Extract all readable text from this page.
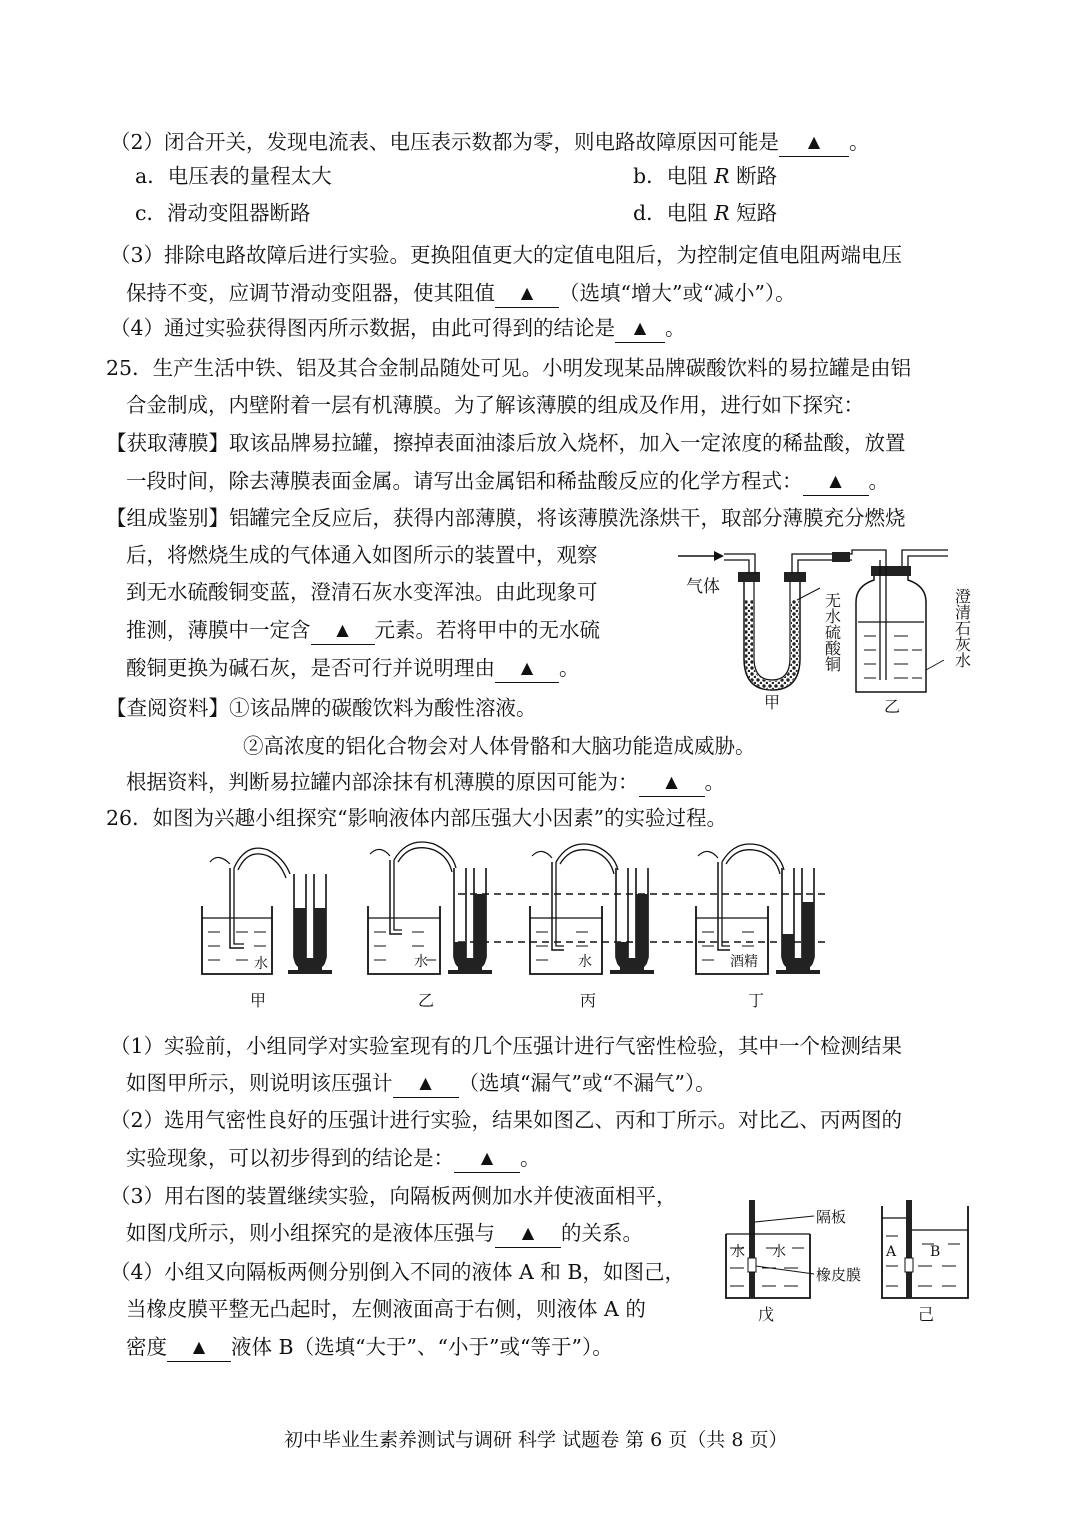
（2）闭合开关，发现电流表、电压表示数都为零，则电路故障原因可能是 ▲ 。
a．电压表的量程太大	b．电阻 R 断路
c．滑动变阻器断路	d．电阻 R 短路
（3）排除电路故障后进行实验。更换阻值更大的定值电阻后，为控制定值电阻两端电压
保持不变，应调节滑动变阻器，使其阻值 ▲ （选填“增大”或“减小”）。
（4）通过实验获得图丙所示数据，由此可得到的结论是 ▲ 。
25．生产生活中铁、铝及其合金制品随处可见。小明发现某品牌碳酸饮料的易拉罐是由铝
合金制成，内壁附着一层有机薄膜。为了解该薄膜的组成及作用，进行如下探究：
【获取薄膜】取该品牌易拉罐，擦掉表面油漆后放入烧杯，加入一定浓度的稀盐酸，放置
一段时间，除去薄膜表面金属。请写出金属铝和稀盐酸反应的化学方程式： ▲ 。
【组成鉴别】铝罐完全反应后，获得内部薄膜，将该薄膜洗涤烘干，取部分薄膜充分燃烧
后，将燃烧生成的气体通入如图所示的装置中，观察
到无水硫酸铜变蓝，澄清石灰水变浑浊。由此现象可
推测，薄膜中一定含 ▲ 元素。若将甲中的无水硫
酸铜更换为碱石灰，是否可行并说明理由 ▲ 。
【查阅资料】①该品牌的碳酸饮料为酸性溶液。
②高浓度的铝化合物会对人体骨骼和大脑功能造成威胁。
根据资料，判断易拉罐内部涂抹有机薄膜的原因可能为： ▲ 。
气体
无水硫酸铜	澄清石灰水
甲	乙
26．如图为兴趣小组探究“影响液体内部压强大小因素”的实验过程。
水	水	水	酒精
甲	乙	丙	丁
（1）实验前，小组同学对实验室现有的几个压强计进行气密性检验，其中一个检测结果
如图甲所示，则说明该压强计 ▲ （选填“漏气”或“不漏气”）。
（2）选用气密性良好的压强计进行实验，结果如图乙、丙和丁所示。对比乙、丙两图的
实验现象，可以初步得到的结论是： ▲ 。
（3）用右图的装置继续实验，向隔板两侧加水并使液面相平，
如图戊所示，则小组探究的是液体压强与 ▲ 的关系。
（4）小组又向隔板两侧分别倒入不同的液体 A 和 B，如图己，
当橡皮膜平整无凸起时，左侧液面高于右侧，则液体 A 的
密度 ▲ 液体 B（选填“大于”、“小于”或“等于”）。
水 水
隔板
橡皮膜
戊
A B
己
初中毕业生素养测试与调研 科学 试题卷 第 6 页（共 8 页）
